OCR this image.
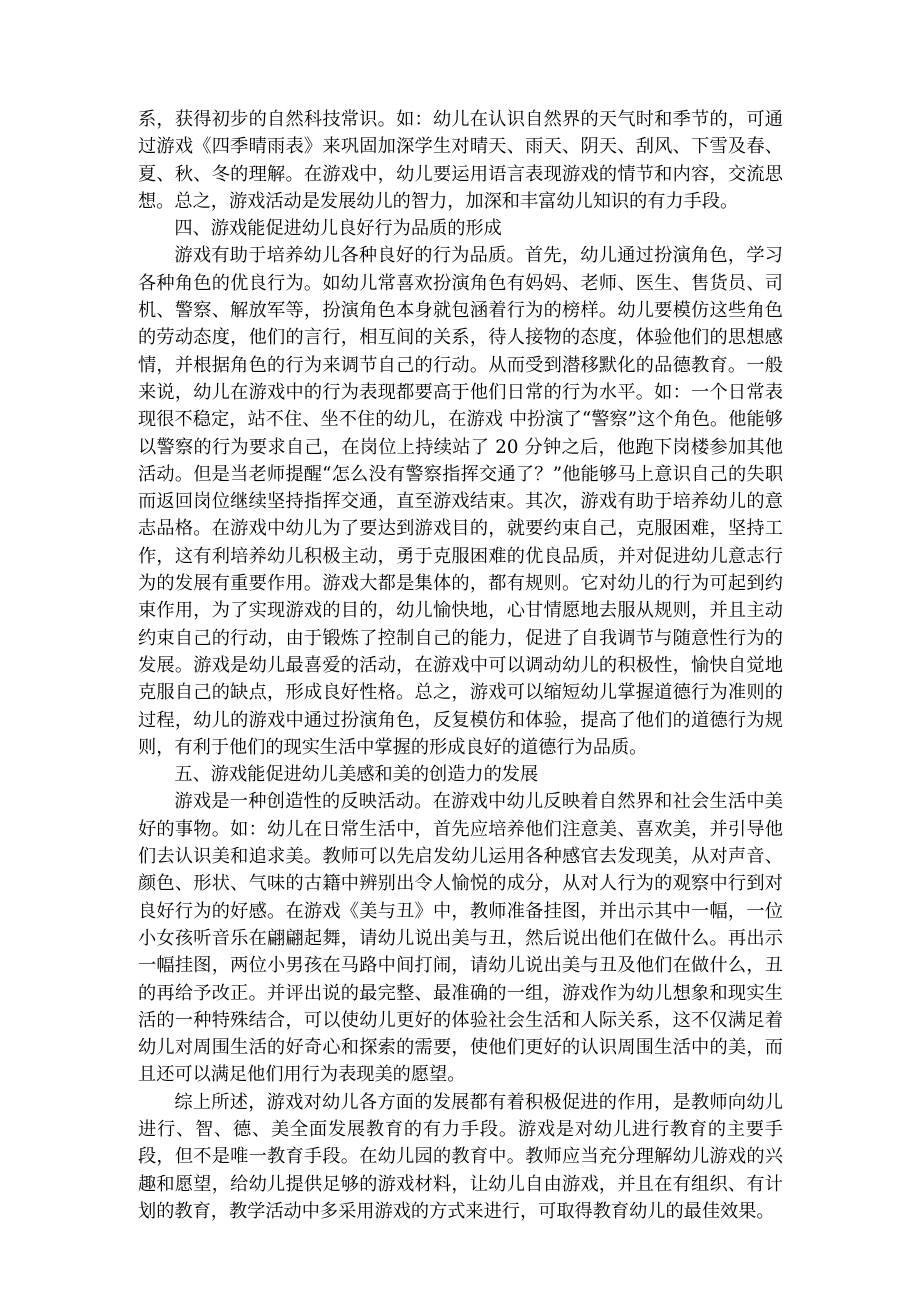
系，获得初步的自然科技常识。如：幼儿在认识自然界的天气时和季节的，可通过游戏《四季晴雨表》来巩固加深学生对晴天、雨天、阴天、刮风、下雪及春、夏、秋、冬的理解。在游戏中，幼儿要运用语言表现游戏的情节和内容，交流思想。总之，游戏活动是发展幼儿的智力，加深和丰富幼儿知识的有力手段。

四、游戏能促进幼儿良好行为品质的形成

游戏有助于培养幼儿各种良好的行为品质。首先，幼儿通过扮演角色，学习各种角色的优良行为。如幼儿常喜欢扮演角色有妈妈、老师、医生、售货员、司机、警察、解放军等，扮演角色本身就包涵着行为的榜样。幼儿要模仿这些角色的劳动态度，他们的言行，相互间的关系，待人接物的态度，体验他们的思想感情，并根据角色的行为来调节自己的行动。从而受到潜移默化的品德教育。一般来说，幼儿在游戏中的行为表现都要高于他们日常的行为水平。如：一个日常表现很不稳定，站不住、坐不住的幼儿，在游戏 中扮演了“警察”这个角色。他能够以警察的行为要求自己，在岗位上持续站了 20 分钟之后，他跑下岗楼参加其他活动。但是当老师提醒“怎么没有警察指挥交通了？”他能够马上意识自己的失职而返回岗位继续坚持指挥交通，直至游戏结束。其次，游戏有助于培养幼儿的意志品格。在游戏中幼儿为了要达到游戏目的，就要约束自己，克服困难，坚持工作，这有利培养幼儿积极主动，勇于克服困难的优良品质，并对促进幼儿意志行为的发展有重要作用。游戏大都是集体的，都有规则。它对幼儿的行为可起到约束作用，为了实现游戏的目的，幼儿愉快地，心甘情愿地去服从规则，并且主动约束自己的行动，由于锻炼了控制自己的能力，促进了自我调节与随意性行为的发展。游戏是幼儿最喜爱的活动，在游戏中可以调动幼儿的积极性，愉快自觉地克服自己的缺点，形成良好性格。总之，游戏可以缩短幼儿掌握道德行为准则的过程，幼儿的游戏中通过扮演角色，反复模仿和体验，提高了他们的道德行为规则，有利于他们的现实生活中掌握的形成良好的道德行为品质。

五、游戏能促进幼儿美感和美的创造力的发展

游戏是一种创造性的反映活动。在游戏中幼儿反映着自然界和社会生活中美好的事物。如：幼儿在日常生活中，首先应培养他们注意美、喜欢美，并引导他们去认识美和追求美。教师可以先启发幼儿运用各种感官去发现美，从对声音、颜色、形状、气味的古籍中辨别出令人愉悦的成分，从对人行为的观察中行到对良好行为的好感。在游戏《美与丑》中，教师准备挂图，并出示其中一幅，一位小女孩听音乐在翩翩起舞，请幼儿说出美与丑，然后说出他们在做什么。再出示一幅挂图，两位小男孩在马路中间打闹，请幼儿说出美与丑及他们在做什么，丑的再给予改正。并评出说的最完整、最准确的一组，游戏作为幼儿想象和现实生活的一种特殊结合，可以使幼儿更好的体验社会生活和人际关系，这不仅满足着幼儿对周围生活的好奇心和探索的需要，使他们更好的认识周围生活中的美，而且还可以满足他们用行为表现美的愿望。

综上所述，游戏对幼儿各方面的发展都有着积极促进的作用，是教师向幼儿进行、智、德、美全面发展教育的有力手段。游戏是对幼儿进行教育的主要手段，但不是唯一教育手段。在幼儿园的教育中。教师应当充分理解幼儿游戏的兴趣和愿望，给幼儿提供足够的游戏材料，让幼儿自由游戏，并且在有组织、有计划的教育，教学活动中多采用游戏的方式来进行，可取得教育幼儿的最佳效果。
